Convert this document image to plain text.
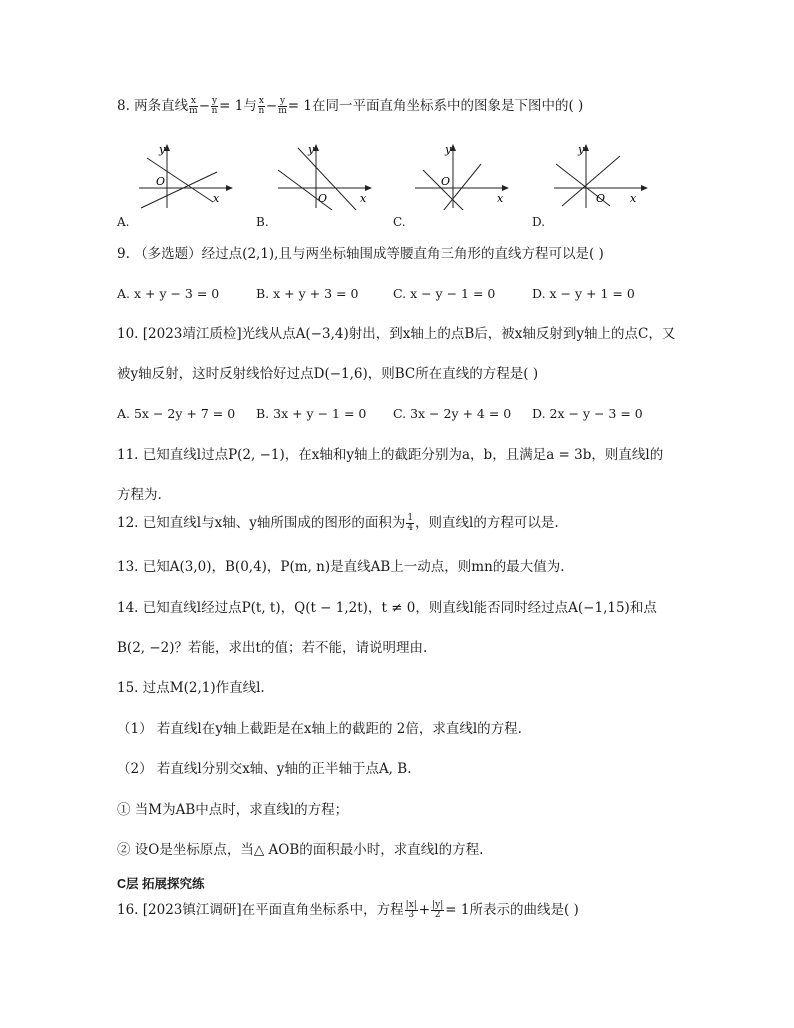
8. 两条直线 $\frac{x}{m} - \frac{y}{n} = 1$与 $\frac{x}{n} - \frac{y}{m} = 1$在同一平面直角坐标系中的图象是下图中的( )
y
O
x
A.
y
O	x
B.
y
O
x
C.
y
O x
D.
9. （多选题）经过点(2,1),且与两坐标轴围成等腰直角三角形的直线方程可以是( )
A. x + y − 3 = 0	B. x + y + 3 = 0	C. x − y − 1 = 0	D. x − y + 1 = 0
10. [2023靖江质检]光线从点A(−3,4)射出，到x轴上的点B后，被x轴反射到y轴上的点C，又
被y轴反射，这时反射线恰好过点D(−1,6)，则BC所在直线的方程是( )
A. 5x − 2y + 7 = 0 B. 3x + y − 1 = 0 C. 3x − 2y + 4 = 0 D. 2x − y − 3 = 0
11. 已知直线l过点P(2, −1)，在x轴和y轴上的截距分别为a，b，且满足a = 3b，则直线l的
方程为.
12. 已知直线l与x轴、y轴所围成的图形的面积为 $\frac{1}{4}$ ，则直线l的方程可以是.
13. 已知A(3,0)，B(0,4)，P(m, n)是直线AB上一动点，则mn的最大值为.
14. 已知直线l经过点P(t, t)，Q(t − 1,2t)，t ≠ 0，则直线l能否同时经过点A(−1,15)和点
B(2, −2)？若能，求出t的值；若不能，请说明理由.
15. 过点M(2,1)作直线l.
（1） 若直线l在y轴上截距是在x轴上的截距的 2倍，求直线l的方程.
（2） 若直线l分别交x轴、y轴的正半轴于点A, B.
① 当M为AB中点时，求直线l的方程；
② 设O是坐标原点，当△ AOB的面积最小时，求直线l的方程.
C层 拓展探究练
16. [2023镇江调研]在平面直角坐标系中，方程 $\frac{|x|}{3} + \frac{|y|}{2} = 1$所表示的曲线是( )
